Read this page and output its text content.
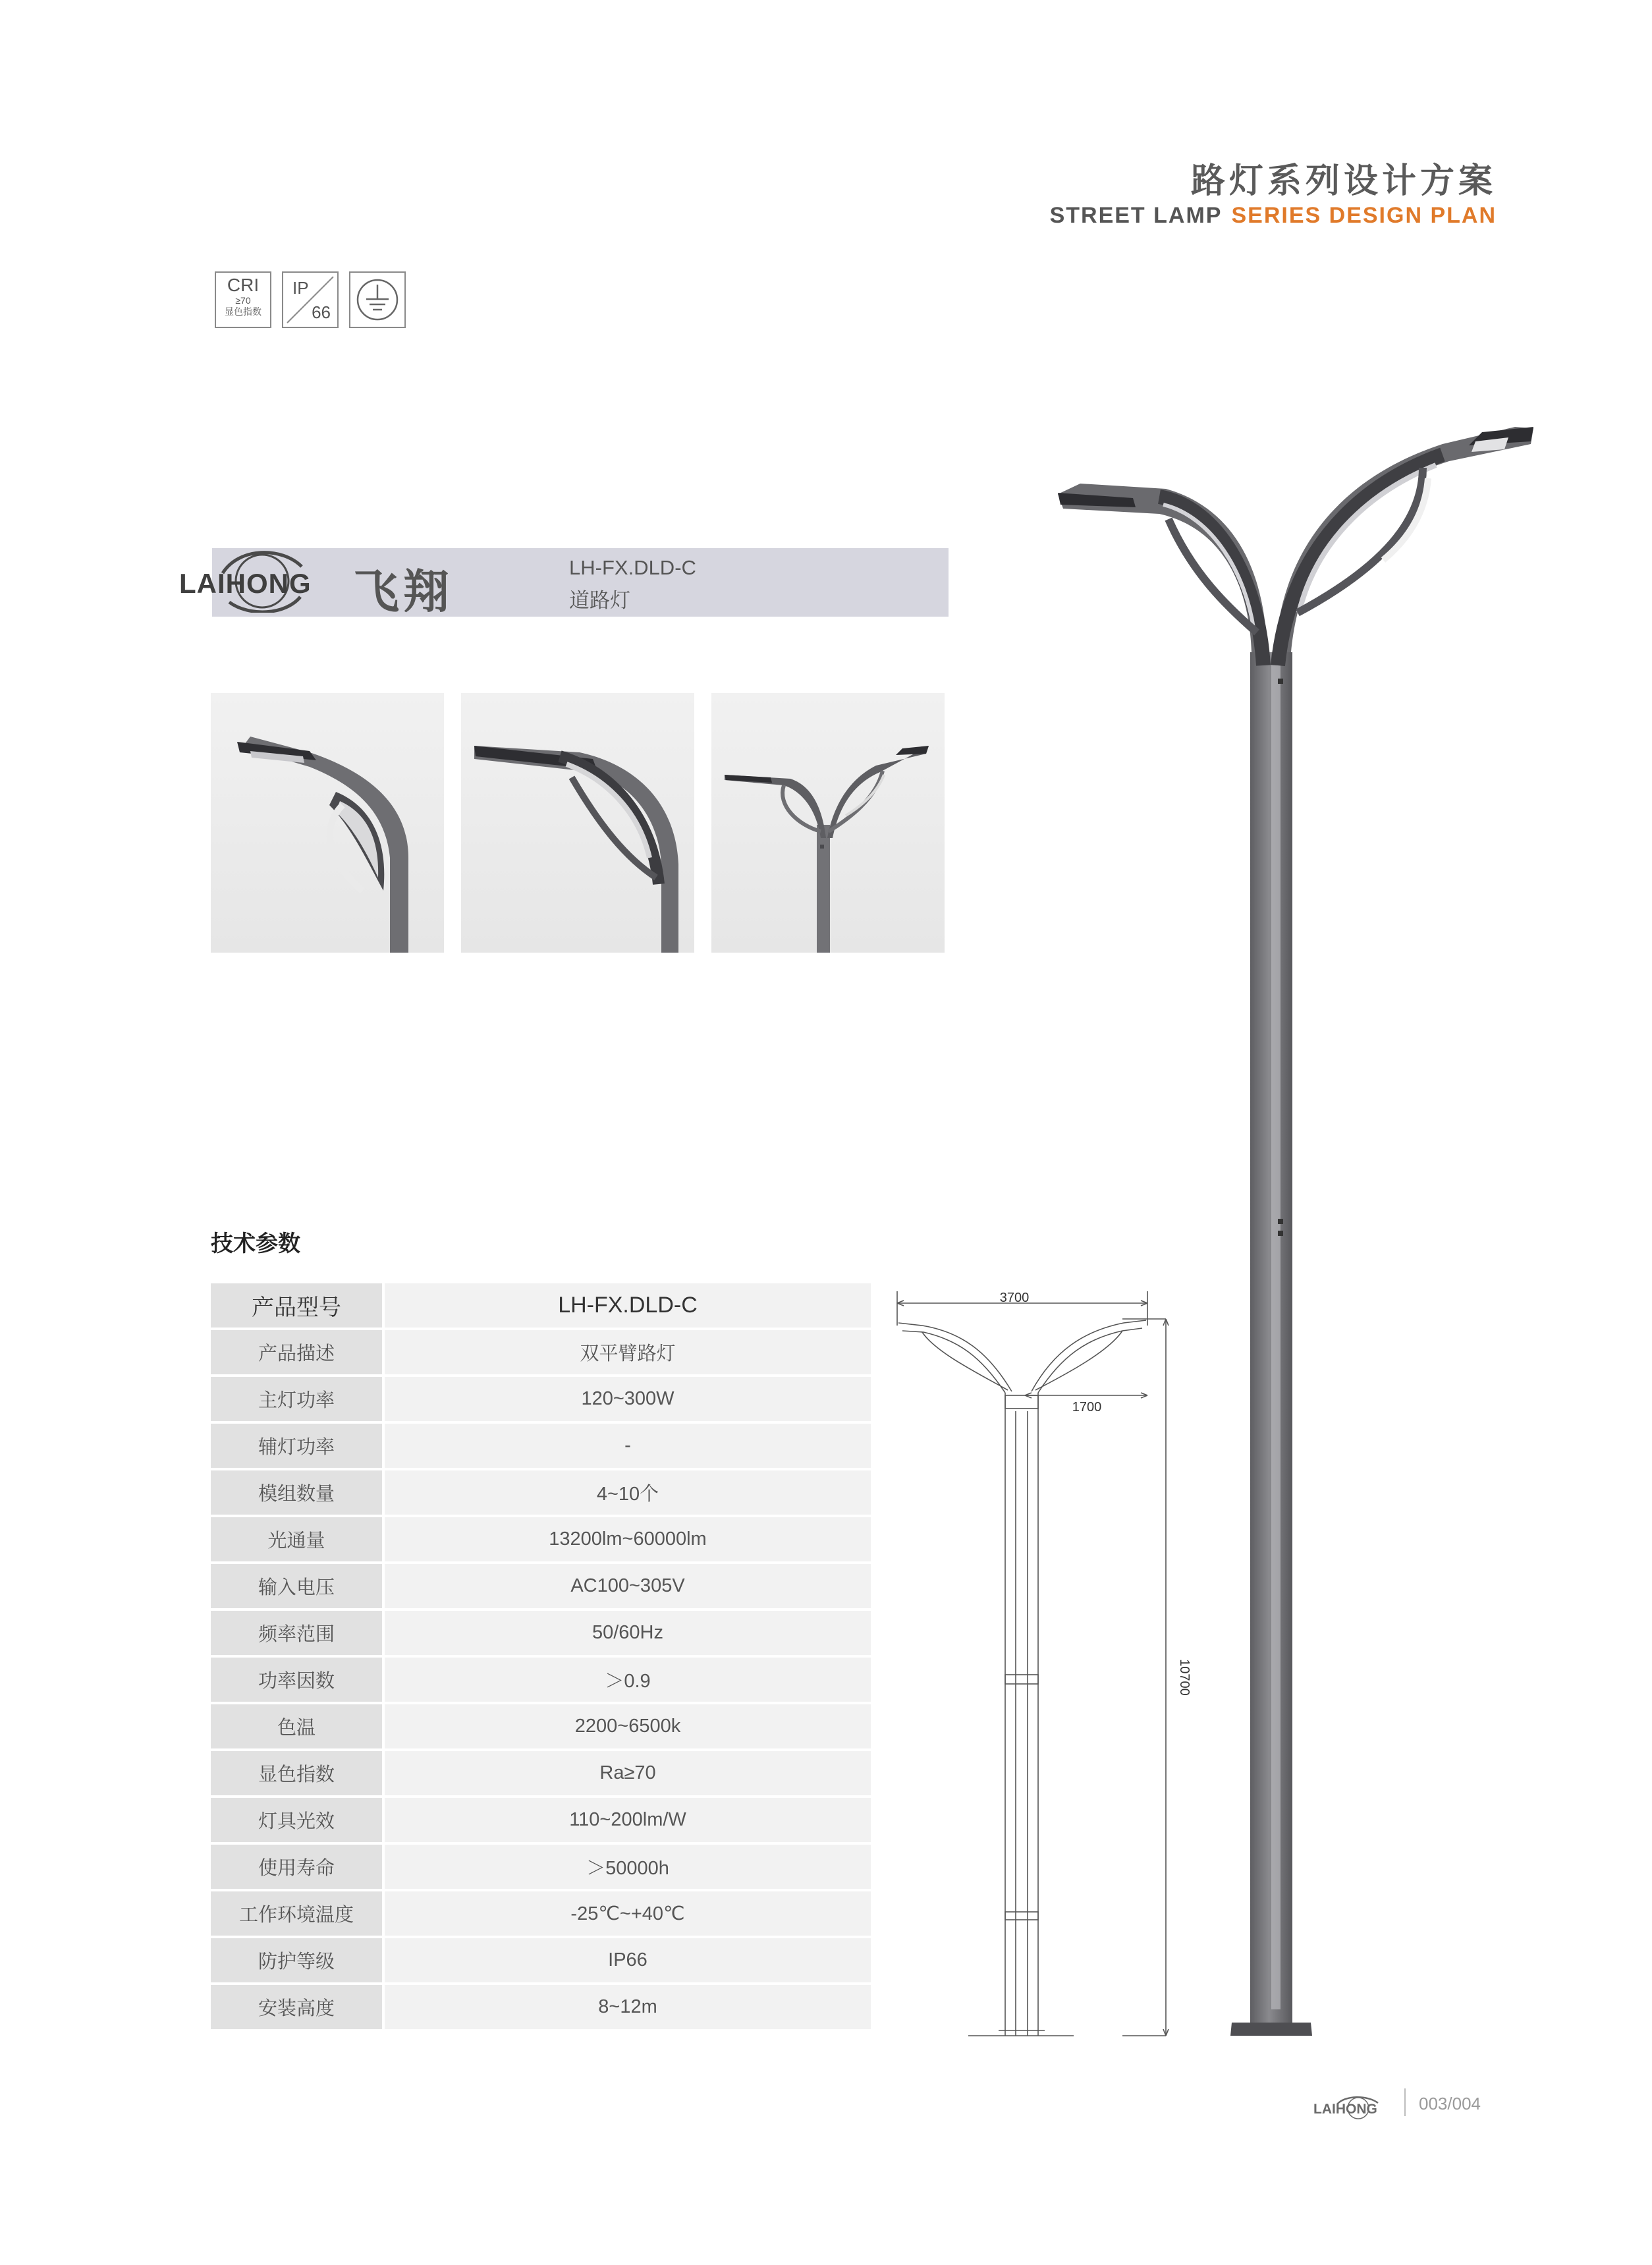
路灯系列设计方案
STREET LAMP SERIES DESIGN PLAN
CRI
≥70
显色指数
IP
66
LAIHONG 飞翔	LH-FX.DLD-C
道路灯
技术参数
产品型号	LH-FX.DLD-C
产品描述	双平臂路灯
主灯功率	120~300W
辅灯功率	-
模组数量	4~10个
光通量	13200lm~60000lm
输入电压	AC100~305V
频率范围	50/60Hz
功率因数	＞0.9
色温	2200~6500k
显色指数	Ra≥70
灯具光效	110~200lm/W
使用寿命	＞50000h
工作环境温度	-25℃~+40℃
防护等级	IP66
安装高度	8~12m
3700
1700
10700
LAIHONG 003/004
